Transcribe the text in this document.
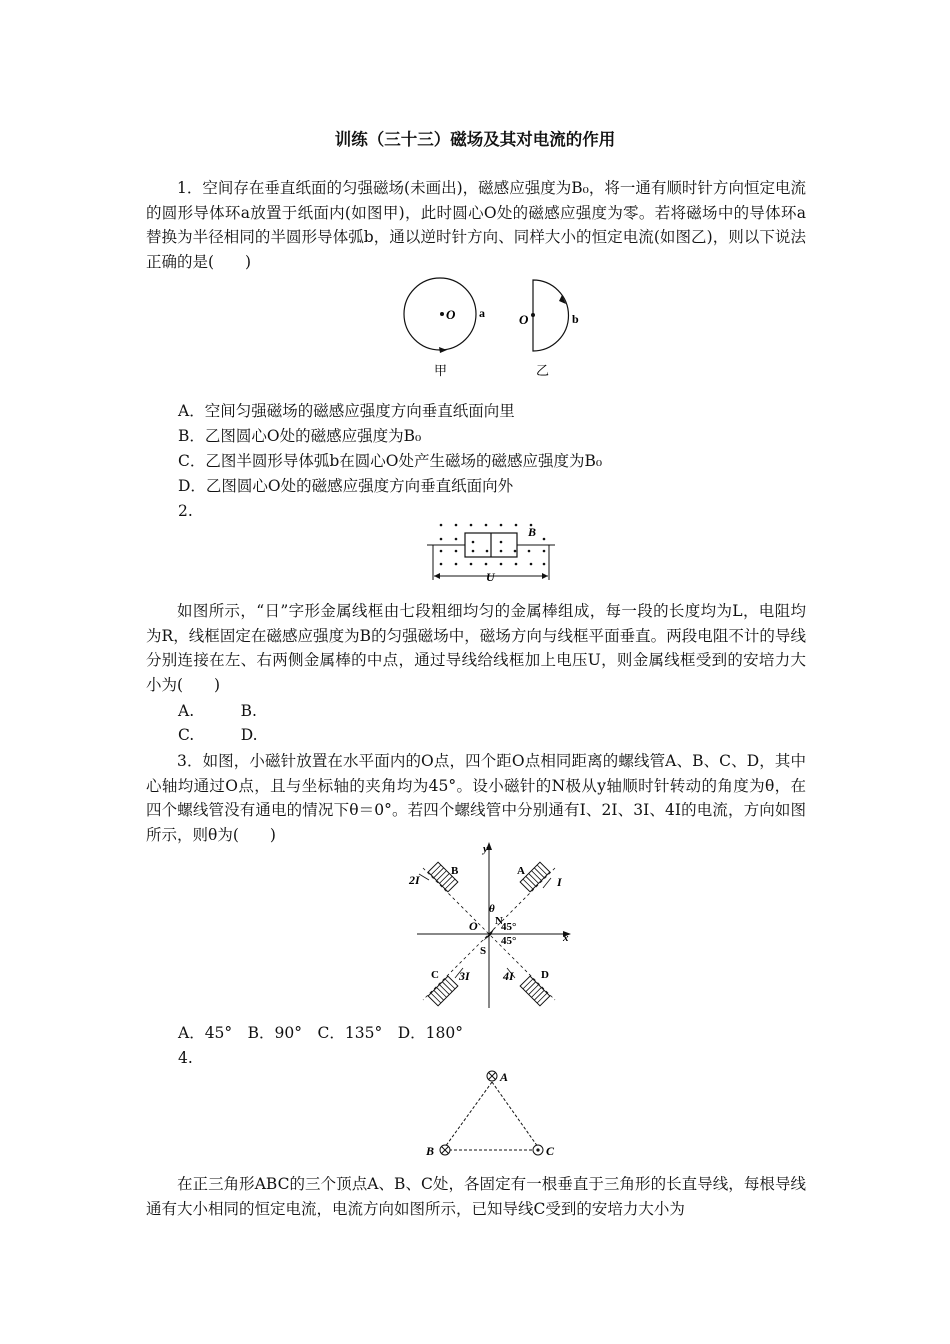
训练（三十三）磁场及其对电流的作用
1．空间存在垂直纸面的匀强磁场(未画出)，磁感应强度为B₀，将一通有顺时针方向恒定电流的圆形导体环a放置于纸面内(如图甲)，此时圆心O处的磁感应强度为零。若将磁场中的导体环a替换为半径相同的半圆形导体弧b，通以逆时针方向、同样大小的恒定电流(如图乙)，则以下说法正确的是(　　)
O a	O	b
甲	乙
A．空间匀强磁场的磁感应强度方向垂直纸面向里
B．乙图圆心O处的磁感应强度为B₀
C．乙图半圆形导体弧b在圆心O处产生磁场的磁感应强度为B₀
D．乙图圆心O处的磁感应强度方向垂直纸面向外
2.
B
U
如图所示，“日”字形金属线框由七段粗细均匀的金属棒组成，每一段的长度均为L，电阻均为R，线框固定在磁感应强度为B的匀强磁场中，磁场方向与线框平面垂直。两段电阻不计的导线分别连接在左、右两侧金属棒的中点，通过导线给线框加上电压U，则金属线框受到的安培力大小为(　　)
A.　　　B.
C.　　　D.
3．如图，小磁针放置在水平面内的O点，四个距O点相同距离的螺线管A、B、C、D，其中心轴均通过O点，且与坐标轴的夹角均为45°。设小磁针的N极从y轴顺时针转动的角度为θ，在四个螺线管没有通电的情况下θ＝0°。若四个螺线管中分别通有I、2I、3I、4I的电流，方向如图所示，则θ为(　　)
y
x
A
B
C	D
I
2I
3I	4I
O N
S
θ
45°
45°
A．45°　B．90°　C．135°　D．180°
4.
A
B	C
在正三角形ABC的三个顶点A、B、C处，各固定有一根垂直于三角形的长直导线，每根导线通有大小相同的恒定电流，电流方向如图所示，已知导线C受到的安培力大小为
